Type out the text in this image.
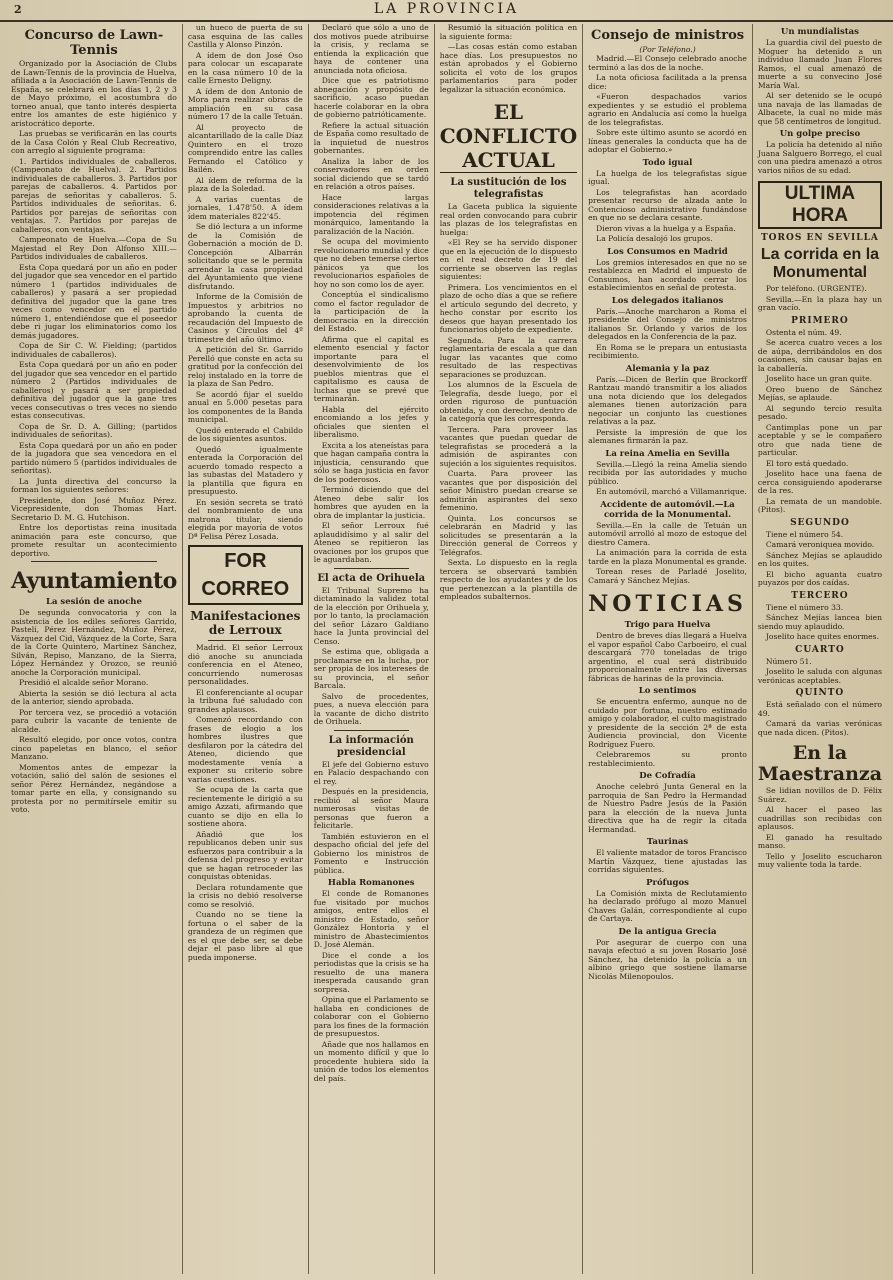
2	LA PROVINCIA
Concurso de Lawn-Tennis

Organizado por la Asociación de Clubs de Lawn-Tennis de la provincia de Huelva, afiliada a la Asociación de Lawn-Tennis de España, se celebrará en los días 1, 2 y 3 de Mayo próximo, el acostumbra do torneo anual, que tanto interés despierta entre los amantes de este higiénico y aristocrático deporte.

Las pruebas se verificarán en las courts de la Casa Colón y Real Club Recreativo, con arreglo al siguiente programa:

1. Partidos individuales de caballeros. (Campeonato de Huelva). 2. Partidos individuales de caballeros. 3. Partidos por parejas de caballeros. 4. Partidos por parejas de señoritas y caballeros. 5. Partidos individuales de señoritas. 6. Partidos por parejas de señoritas con ventajas. 7. Partidos por parejas de caballeros, con ventajas.

Campeonato de Huelva.—Copa de Su Majestad el Rey Don Alfonso XIII.—Partidos individuales de caballeros.

Esta Copa quedará por un año en poder del jugador que sea vencedor en el partido número 1 (partidos individuales de caballeros) y pasará a ser propiedad definitiva del jugador que la gane tres veces como vencedor en el partido número 1, entendiéndose que el poseedor debe ri jugar los eliminatorios como los demás jugadores.

Copa de Sir C. W. Fielding; (partidos individuales de caballeros).

Esta Copa quedará por un año en poder del jugador que sea vencedor en el partido número 2 (Partidos individuales de caballeros) y pasará a ser propiedad definitiva del jugador que la gane tres veces consecutivas o tres veces no siendo estas consecutivas.

Copa de Sr. D. A. Gilling; (partidos individuales de señoritas).

Esta Copa quedará por un año en poder de la jugadora que sea vencedora en el partido número 5 (partidos individuales de señoritas).

La Junta directiva del concurso la forman los siguientes señores:

Presidente, don José Muñoz Pérez. Vicepresidente, don Thomas Hart. Secretario D. M. G. Hutchison.

Entre los deportistas reina inusitada animación para este concurso, que promete resultar un acontecimiento deportivo.

Ayuntamiento
La sesión de anoche

De segunda convocatoria y con la asistencia de los ediles señores Garrido, Pastelí, Pérez Hernández, Muñoz Pérez, Vázquez del Cid, Vázquez de la Corte, Sara de la Corte Quintero, Martínez Sánchez, Silván, Repiso, Manzano, de la Sierra, López Hernández y Orozco, se reunió anoche la Corporación municipal.

Presidió el alcalde señor Morano.

Abierta la sesión se dió lectura al acta de la anterior, siendo aprobada.

Por tercera vez, se procedió a votación para cubrir la vacante de teniente de alcalde.

Resultó elegido, por once votos, contra cinco papeletas en blanco, el señor Manzano.

Momentos antes de empezar la votación, salió del salón de sesiones el señor Pérez Hernández, negándose a tomar parte en ella, y consignando su protesta por no permitírsele emitir su voto.

un hueco de puerta de su casa esquina de las calles Castilla y Alonso Pinzón.

A ídem de don José Oso para colocar un escaparate en la casa número 10 de la calle Ernesto Deligny.

A ídem de don Antonio de Mora para realizar obras de ampliación en su casa número 17 de la calle Tetuán.

Al proyecto de alcantarillado de la calle Díaz Quintero en el trozo comprendido entre las calles Fernando el Católico y Bailén.

Al ídem de reforma de la plaza de la Soledad.

A varias cuentas de jornales, 1.478'50. A ídem ídem materiales 822'45.

Se dió lectura a un informe de la Comisión de Gobernación a moción de D. Concepción Albarrán solicitando que se le permita arrendar la casa propiedad del Ayuntamiento que viene disfrutando.

Informe de la Comisión de Impuestos y arbitrios no aprobando la cuenta de recaudación del Impuesto de Casinos y Círculos del 4º trimestre del año último.

A petición del Sr. Garrido Perelló que conste en acta su gratitud por la confección del reloj instalado en la torre de la plaza de San Pedro.

Se acordó fijar el sueldo anual en 5.000 pesetas para los componentes de la Banda municipal.

Quedó enterado el Cabildo de los siguientes asuntos.

Quedó igualmente enterada la Corporación del acuerdo tomado respecto a las subastas del Matadero y la plantilla que figura en presupuesto.

En sesión secreta se trató del nombramiento de una matrona titular, siendo elegida por mayoría de votos Dª Felisa Pérez Losada.

FOR CORREO
Manifestaciones de Lerroux

Madrid. El señor Lerroux dió anoche su anunciada conferencia en el Ateneo, concurriendo numerosas personalidades.

El conferenciante al ocupar la tribuna fué saludado con grandes aplausos.

Comenzó recordando con frases de elogio a los hombres ilustres que desfilaron por la cátedra del Ateneo, diciendo que modestamente venía a exponer su criterio sobre varias cuestiones.

Se ocupa de la carta que recientemente le dirigió a su amigo Azzati, afirmando que cuanto se dijo en ella lo sostiene ahora.

Añadió que los republicanos deben unir sus esfuerzos para contribuir a la defensa del progreso y evitar que se hagan retroceder las conquistas obtenidas.

Declara rotundamente que la crisis no debió resolverse como se resolvió.

Cuando no se tiene la fortuna o el saber de la grandeza de un régimen que es el que debe ser, se debe dejar el paso libre al que pueda imponerse.

Declaró que sólo a uno de dos motivos puede atribuirse la crisis, y reclama se entienda la explicación que haya de contener una anunciada nota oficiosa.

Dice que es patriotismo abnegación y propósito de sacrificio, acaso puedan hacerle colaborar en la obra de gobierno patrióticamente.

Refiere la actual situación de España como resultado de la inquietud de nuestros gobernantes.

Analiza la labor de los conservadores en orden social diciendo que se tardó en relación a otros países.

Hace largas consideraciones relativas a la impotencia del régimen monárquico, lamentando la paralización de la Nación.

Se ocupa del movimiento revolucionario mundial y dice que no deben temerse ciertos pánicos ya que los revolucionarios españoles de hoy no son como los de ayer.

Conceptúa el sindicalismo como el factor regulador de la participación de la democracia en la dirección del Estado.

Afirma que el capital es elemento esencial y factor importante para el desenvolvimiento de los pueblos mientras que el capitalismo es causa de luchas que se prevé que terminarán.

Habla del ejército encomiando a los jefes y oficiales que sienten el liberalismo.

Excita a los ateneístas para que hagan campaña contra la injusticia, censurando que sólo se haga justicia en favor de los poderosos.

Terminó diciendo que del Ateneo debe salir los hombres que ayuden en la obra de implantar la justicia.

El señor Lerroux fué aplaudidísimo y al salir del Ateneo se repitieron las ovaciones por los grupos que le aguardaban.

El acta de Orihuela

El Tribunal Supremo ha dictaminado la validez total de la elección por Orihuela y, por lo tanto, la proclamación del señor Lázaro Galdiano hace la Junta provincial del Censo.

Se estima que, obligada a proclamarse en la lucha, por ser propia de los intereses de su provincia, el señor Barcala.

Salvo de procedentes, pues, a nueva elección para la vacante de dicho distrito de Orihuela.

La información presidencial

El jefe del Gobierno estuvo en Palacio despachando con el rey.

Después en la presidencia, recibió al señor Maura numerosas visitas de personas que fueron a felicitarle.

También estuvieron en el despacho oficial del jefe del Gobierno los ministros de Fomento e Instrucción pública.

Habla Romanones

El conde de Romanones fue visitado por muchos amigos, entre ellos el ministro de Estado, señor González Hontoria y el ministro de Abastecimientos D. José Alemán.

Dice el conde a los periodistas que la crisis se ha resuelto de una manera inesperada causando gran sorpresa.

Opina que el Parlamento se hallaba en condiciones de colaborar con el Gobierno para los fines de la formación de presupuestos.

Añade que nos hallamos en un momento difícil y que lo procedente hubiera sido la unión de todos los elementos del país.

Resumió la situación política en la siguiente forma:

—Las cosas están como estaban hace días. Los presupuestos no están aprobados y el Gobierno solicita el voto de los grupos parlamentarios para poder legalizar la situación económica.

EL CONFLICTO ACTUAL
La sustitución de los telegrafistas

La Gaceta publica la siguiente real orden convocando para cubrir las plazas de los telegrafistas en huelga:

«El Rey se ha servido disponer que en la ejecución de lo dispuesto en el real decreto de 19 del corriente se observen las reglas siguientes:

Primera. Los vencimientos en el plazo de ocho días a que se refiere el artículo segundo del decreto, y hecho constar por escrito los deseos que hayan presentado los funcionarios objeto de expediente.

Segunda. Para la carrera reglamentaria de escala a que dan lugar las vacantes que como resultado de las respectivas separaciones se produzcan.

Los alumnos de la Escuela de Telegrafía, desde luego, por el orden riguroso de puntuación obtenida, y con derecho, dentro de la categoría que les corresponda.

Tercera. Para proveer las vacantes que puedan quedar de telegrafistas se procederá a la admisión de aspirantes con sujeción a los siguientes requisitos.

Cuarta. Para proveer las vacantes que por disposición del señor Ministro puedan crearse se admitirán aspirantes del sexo femenino.

Quinta. Los concursos se celebrarán en Madrid y las solicitudes se presentarán a la Dirección general de Correos y Telégrafos.

Sexta. Lo dispuesto en la regla tercera se observará también respecto de los ayudantes y de los que pertenezcan a la plantilla de empleados subalternos.

Consejo de ministros
(Por Teléfono.)

Madrid.—El Consejo celebrado anoche terminó a las dos de la noche.

La nota oficiosa facilitada a la prensa dice:

«Fueron despachados varios expedientes y se estudió el problema agrario en Andalucía así como la huelga de los telegrafistas.

Sobre este último asunto se acordó en líneas generales la conducta que ha de adoptar el Gobierno.»

Todo igual

La huelga de los telegrafistas sigue igual.

Los telegrafistas han acordado presentar recurso de alzada ante lo Contencioso administrativo fundándose en que no se declara cesante.

Dieron vivas a la huelga y a España.

La Policía desalojó los grupos.

Los Consumos en Madrid

Los gremios interesados en que no se restablezca en Madrid el impuesto de Consumos, han acordado cerrar los establecimientos en señal de protesta.

Los delegados italianos

París.—Anoche marcharon a Roma el presidente del Consejo de ministros italianos Sr. Orlando y varios de los delegados en la Conferencia de la paz.

En Roma se le prepara un entusiasta recibimiento.

Alemania y la paz

París.—Dicen de Berlín que Brockorff Rantzau mandó transmitir a los aliados una nota diciendo que los delegados alemanes tienen autorización para negociar un conjunto las cuestiones relativas a la paz.

Persiste la impresión de que los alemanes firmarán la paz.

La reina Amelia en Sevilla

Sevilla.—Llegó la reina Amelia siendo recibida por las autoridades y mucho público.

En automóvil, marchó a Villamanrique.

Accidente de automóvil.—La corrida de la Monumental.

Sevilla.—En la calle de Tetuán un automóvil arrolló al mozo de estoque del diestro Camera.

La animación para la corrida de esta tarde en la plaza Monumental es grande.

Torean reses de Parladé Joselito, Camará y Sánchez Mejías.

NOTICIAS
Trigo para Huelva

Dentro de breves días llegará a Huelva el vapor español Cabo Carboeiro, el cual descargará 770 toneladas de trigo argentino, el cual será distribuido proporcionalmente entre las diversas fábricas de harinas de la provincia.

Lo sentimos

Se encuentra enfermo, aunque no de cuidado por fortuna, nuestro estimado amigo y colaborador, el culto magistrado y presidente de la sección 2ª de esta Audiencia provincial, don Vicente Rodríguez Fuero.

Celebraremos su pronto restablecimiento.

De Cofradía

Anoche celebró Junta General en la parroquia de San Pedro la Hermandad de Nuestro Padre Jesús de la Pasión para la elección de la nueva Junta directiva que ha de regir la citada Hermandad.

Taurinas

El valiente matador de toros Francisco Martín Vázquez, tiene ajustadas las corridas siguientes.

Prófugos

La Comisión mixta de Reclutamiento ha declarado prófugo al mozo Manuel Chaves Galán, correspondiente al cupo de Cartaya.

De la antigua Grecia

Por asegurar de cuerpo con una navaja efectuó a su joven Rosario José Sánchez, ha detenido la policía a un albino griego que sostiene llamarse Nicolás Milenopoulos.

Un mundialistas

La guardia civil del puesto de Moguer ha detenido a un individuo llamado Juan Flores Ramos, el cual amenazó de muerte a su convecino José María Wal.

Al ser detenido se le ocupó una navaja de las llamadas de Albacete, la cual no mide más que 58 centímetros de longitud.

Un golpe preciso

La policía ha detenido al niño Juana Salguero Borrego, el cual con una piedra amenazó a otros varios niños de su edad.

ULTIMA HORA
TOROS EN SEVILLA
La corrida en la Monumental

Por teléfono. (URGENTE).

Sevilla.—En la plaza hay un gran vacío.

PRIMERO

Ostenta el núm. 49.

Se acerca cuatro veces a los de aúpa, derribándolos en dos ocasiones, sin causar bajas en la caballería.

Joselito hace un gran quite.

Oreo bueno de Sánchez Mejías, se aplaude.

Al segundo tercio resulta pesado.

Cantimplas pone un par aceptable y se le compañero otro que nada tiene de particular.

El toro está quedado.

Joselito hace una faena de cerca consiguiendo apoderarse de la res.

La remata de un mandoble. (Pitos).

SEGUNDO

Tiene el número 54.

Camará veroniquea movido.

Sánchez Mejías se aplaudido en los quites.

El bicho aguanta cuatro puyazos por dos caídas.

TERCERO

Tiene el número 33.

Sánchez Mejías lancea bien siendo muy aplaudido.

Joselito hace quites enormes.

CUARTO

Número 51.

Joselito le saluda con algunas verónicas aceptables.

QUINTO

Está señalado con el número 49.

Camará da varias verónicas que nada dicen. (Pitos).

En la Maestranza

Se lidian novillos de D. Félix Suárez.

Al hacer el paseo las cuadrillas son recibidas con aplausos.

El ganado ha resultado manso.

Tello y Joselito escucharon muy valiente toda la tarde.
